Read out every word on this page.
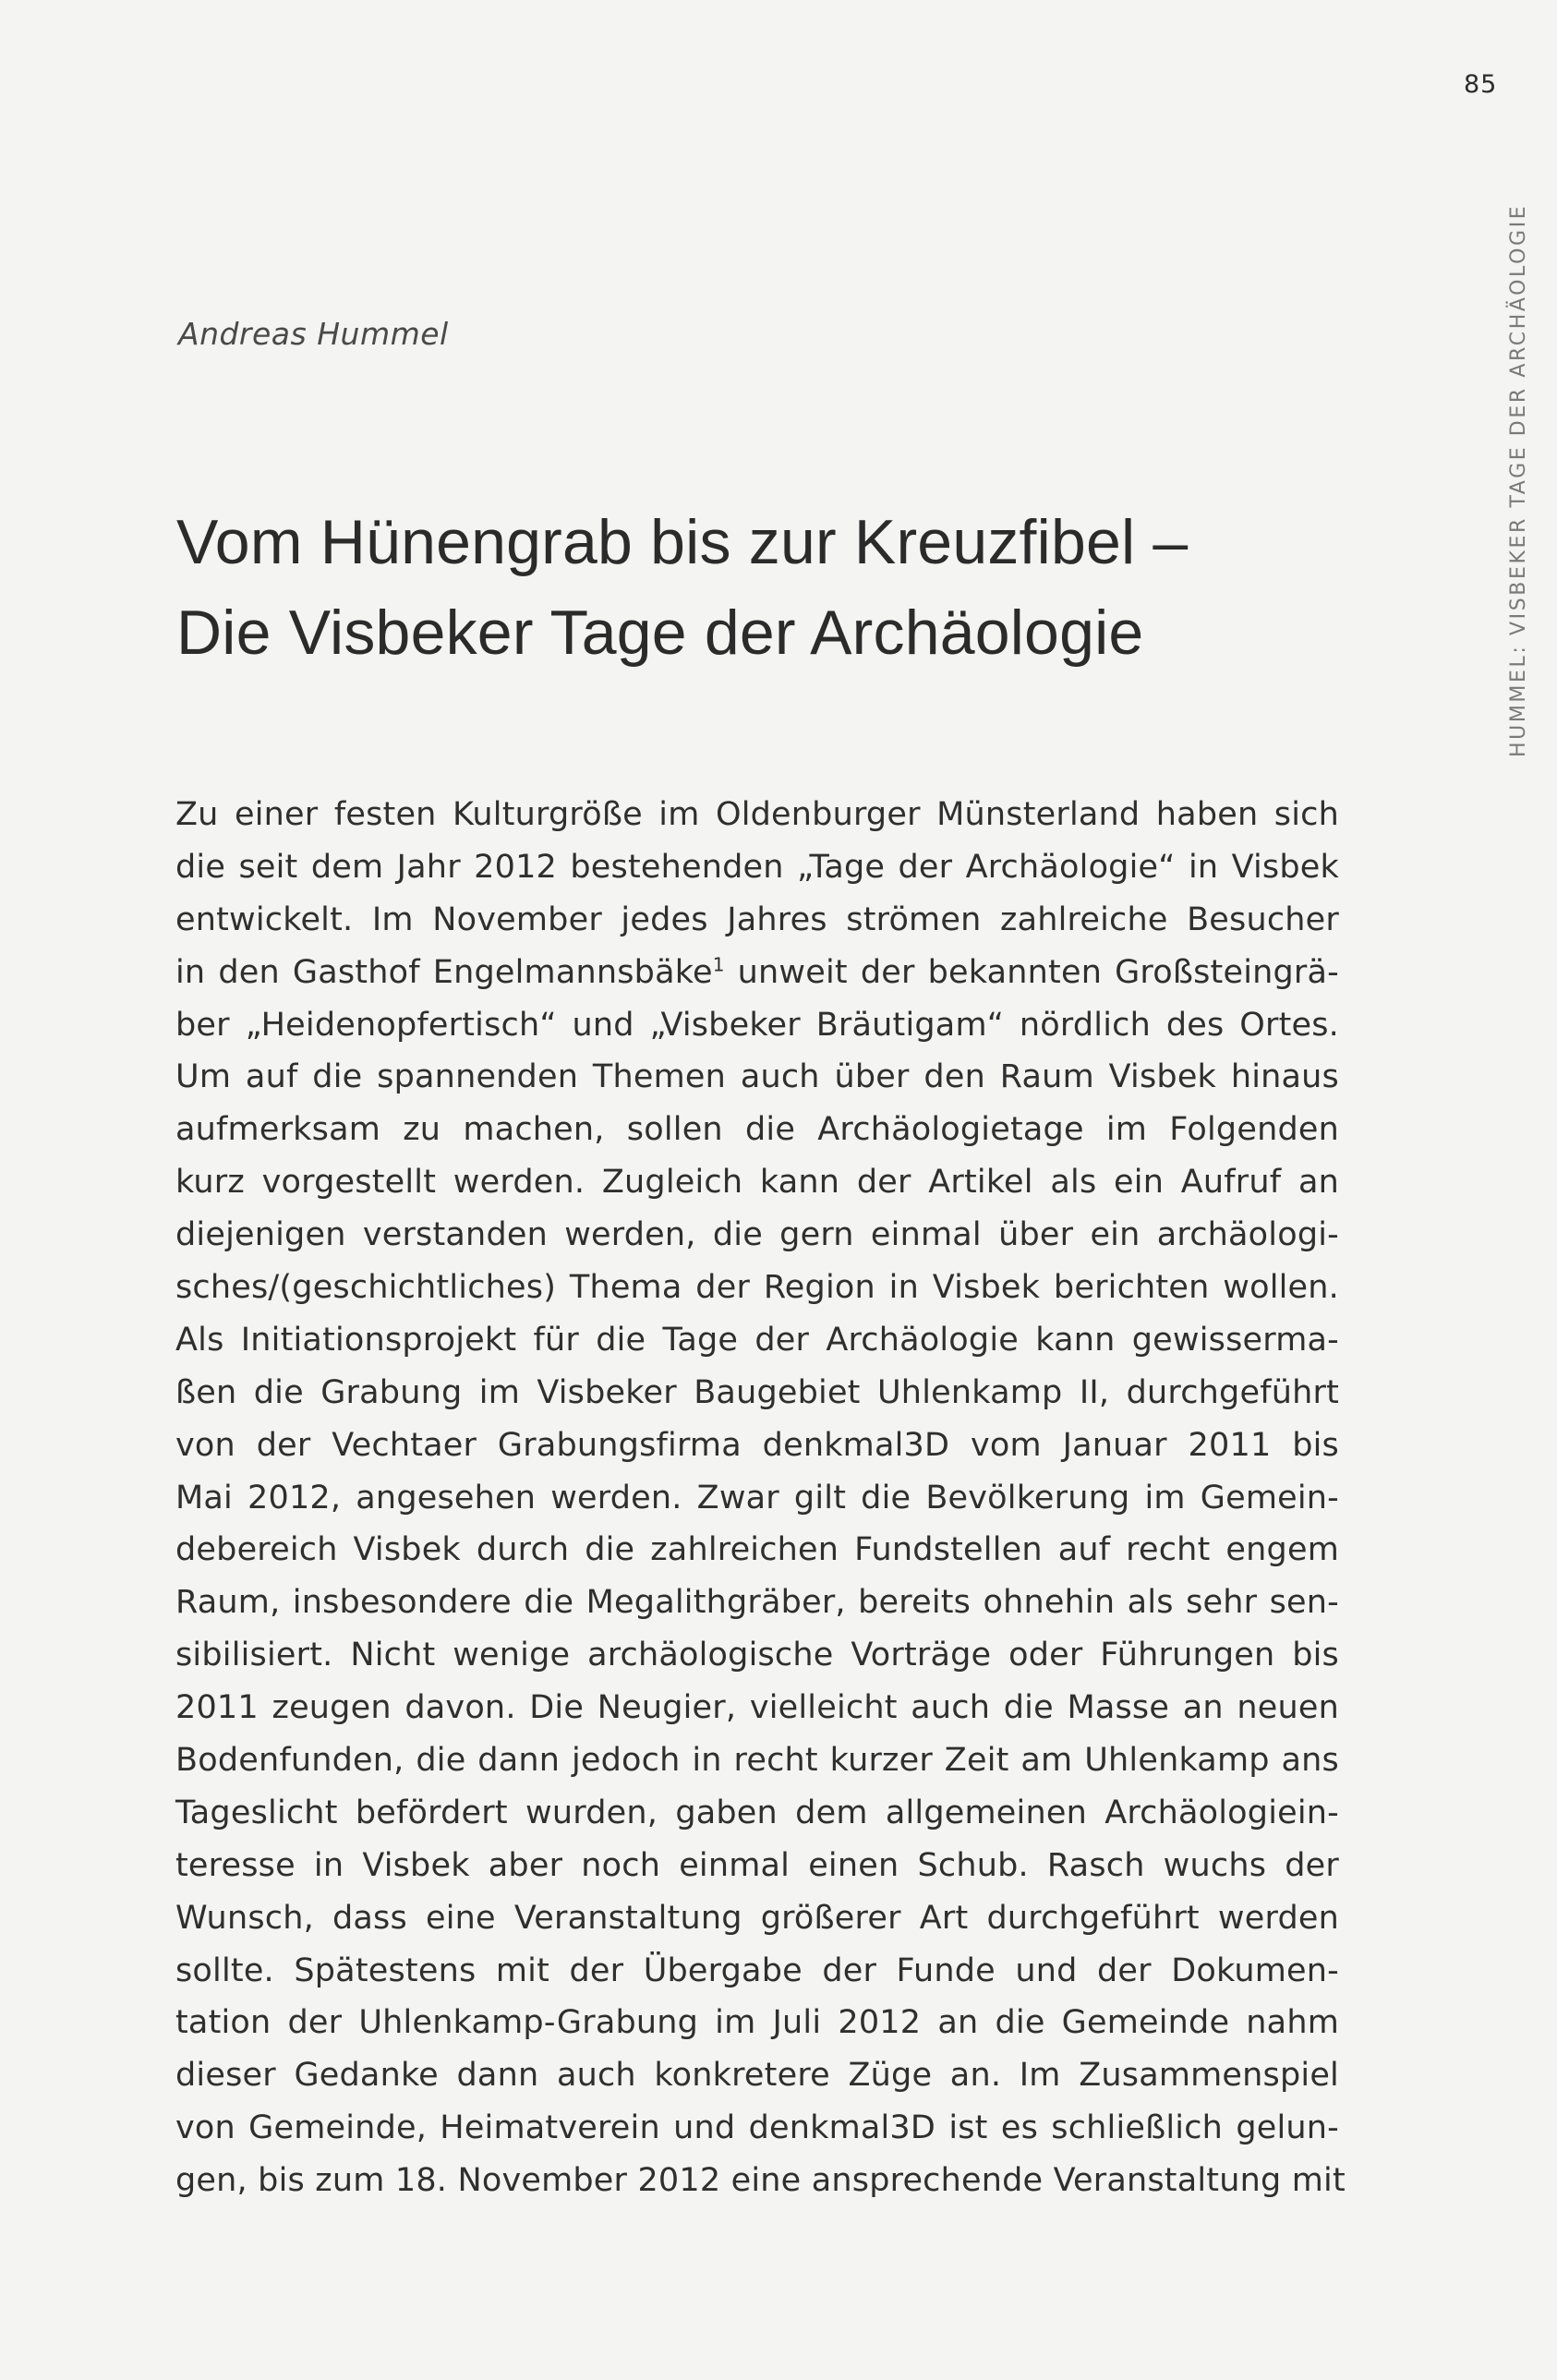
85
HUMMEL: VISBEKER TAGE DER ARCHÄOLOGIE
Andreas Hummel
Vom Hünengrab bis zur Kreuzfibel –
Die Visbeker Tage der Archäologie
Zu einer festen Kulturgröße im Oldenburger Münsterland haben sich
die seit dem Jahr 2012 bestehenden „Tage der Archäologie“ in Visbek
entwickelt. Im November jedes Jahres strömen zahlreiche Besucher
in den Gasthof Engelmannsbäke$^1$ unweit der bekannten Großsteingrä-
ber „Heidenopfertisch“ und „Visbeker Bräutigam“ nördlich des Ortes.
Um auf die spannenden Themen auch über den Raum Visbek hinaus
aufmerksam zu machen, sollen die Archäologietage im Folgenden
kurz vorgestellt werden. Zugleich kann der Artikel als ein Aufruf an
diejenigen verstanden werden, die gern einmal über ein archäologi-
sches/(geschichtliches) Thema der Region in Visbek berichten wollen.
Als Initiationsprojekt für die Tage der Archäologie kann gewisserma-
ßen die Grabung im Visbeker Baugebiet Uhlenkamp II, durchgeführt
von der Vechtaer Grabungsfirma denkmal3D vom Januar 2011 bis
Mai 2012, angesehen werden. Zwar gilt die Bevölkerung im Gemein-
debereich Visbek durch die zahlreichen Fundstellen auf recht engem
Raum, insbesondere die Megalithgräber, bereits ohnehin als sehr sen-
sibilisiert. Nicht wenige archäologische Vorträge oder Führungen bis
2011 zeugen davon. Die Neugier, vielleicht auch die Masse an neuen
Bodenfunden, die dann jedoch in recht kurzer Zeit am Uhlenkamp ans
Tageslicht befördert wurden, gaben dem allgemeinen Archäologiein-
teresse in Visbek aber noch einmal einen Schub. Rasch wuchs der
Wunsch, dass eine Veranstaltung größerer Art durchgeführt werden
sollte. Spätestens mit der Übergabe der Funde und der Dokumen-
tation der Uhlenkamp-Grabung im Juli 2012 an die Gemeinde nahm
dieser Gedanke dann auch konkretere Züge an. Im Zusammenspiel
von Gemeinde, Heimatverein und denkmal3D ist es schließlich gelun-
gen, bis zum 18. November 2012 eine ansprechende Veranstaltung mit
